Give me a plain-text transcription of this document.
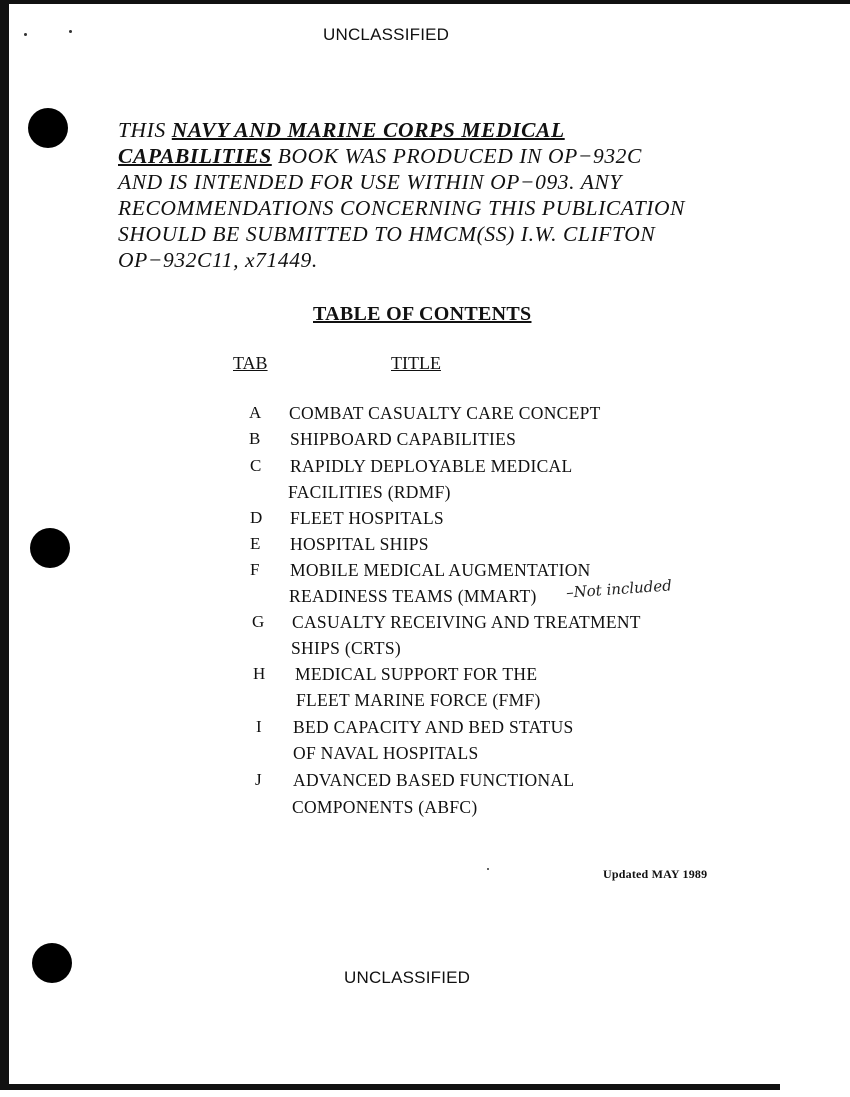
UNCLASSIFIED
UNCLASSIFIED
THIS NAVY AND MARINE CORPS MEDICAL
CAPABILITIES BOOK WAS PRODUCED IN OP−932C
AND IS INTENDED FOR USE WITHIN OP−093. ANY
RECOMMENDATIONS CONCERNING THIS PUBLICATION
SHOULD BE SUBMITTED TO HMCM(SS) I.W. CLIFTON
OP−932C11, x71449.
TABLE OF CONTENTS
TAB	TITLE
A COMBAT CASUALTY CARE CONCEPT
B SHIPBOARD CAPABILITIES
C RAPIDLY DEPLOYABLE MEDICAL
FACILITIES (RDMF)
D FLEET HOSPITALS
E HOSPITAL SHIPS
F MOBILE MEDICAL AUGMENTATION
READINESS TEAMS (MMART) –Not included
G CASUALTY RECEIVING AND TREATMENT
SHIPS (CRTS)
H MEDICAL SUPPORT FOR THE
FLEET MARINE FORCE (FMF)
I BED CAPACITY AND BED STATUS
OF NAVAL HOSPITALS
J ADVANCED BASED FUNCTIONAL
COMPONENTS (ABFC)
Updated MAY 1989
